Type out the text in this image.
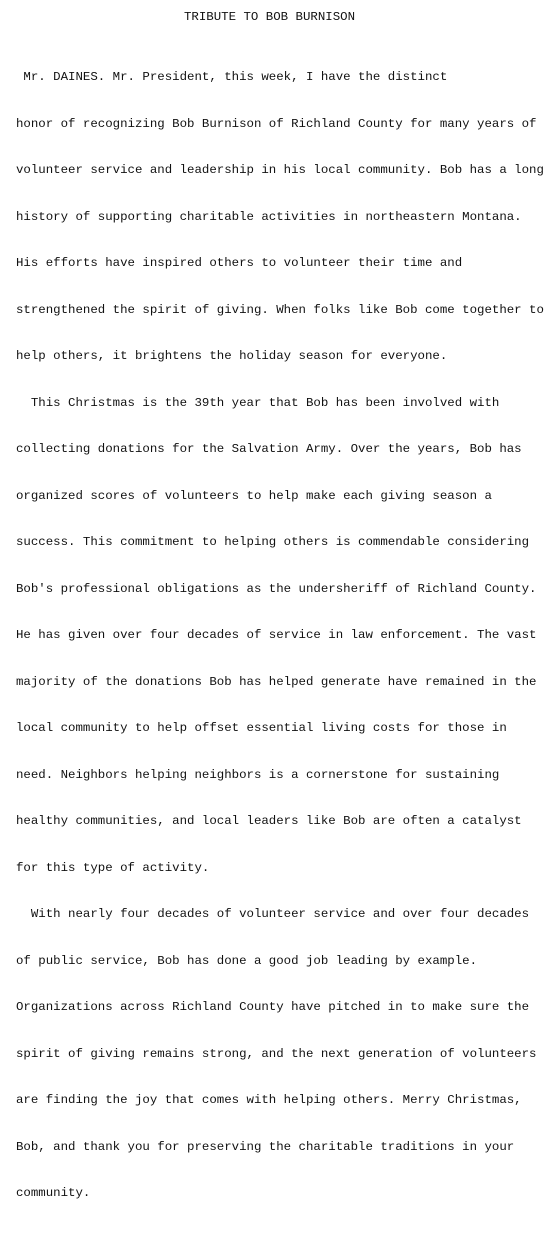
TRIBUTE TO BOB BURNISON

Mr. DAINES. Mr. President, this week, I have the distinct

honor of recognizing Bob Burnison of Richland County for many years of

volunteer service and leadership in his local community. Bob has a long

history of supporting charitable activities in northeastern Montana.

His efforts have inspired others to volunteer their time and

strengthened the spirit of giving. When folks like Bob come together to

help others, it brightens the holiday season for everyone.

This Christmas is the 39th year that Bob has been involved with

collecting donations for the Salvation Army. Over the years, Bob has

organized scores of volunteers to help make each giving season a

success. This commitment to helping others is commendable considering

Bob's professional obligations as the undersheriff of Richland County.

He has given over four decades of service in law enforcement. The vast

majority of the donations Bob has helped generate have remained in the

local community to help offset essential living costs for those in

need. Neighbors helping neighbors is a cornerstone for sustaining

healthy communities, and local leaders like Bob are often a catalyst

for this type of activity.

With nearly four decades of volunteer service and over four decades

of public service, Bob has done a good job leading by example.

Organizations across Richland County have pitched in to make sure the

spirit of giving remains strong, and the next generation of volunteers

are finding the joy that comes with helping others. Merry Christmas,

Bob, and thank you for preserving the charitable traditions in your

community.
